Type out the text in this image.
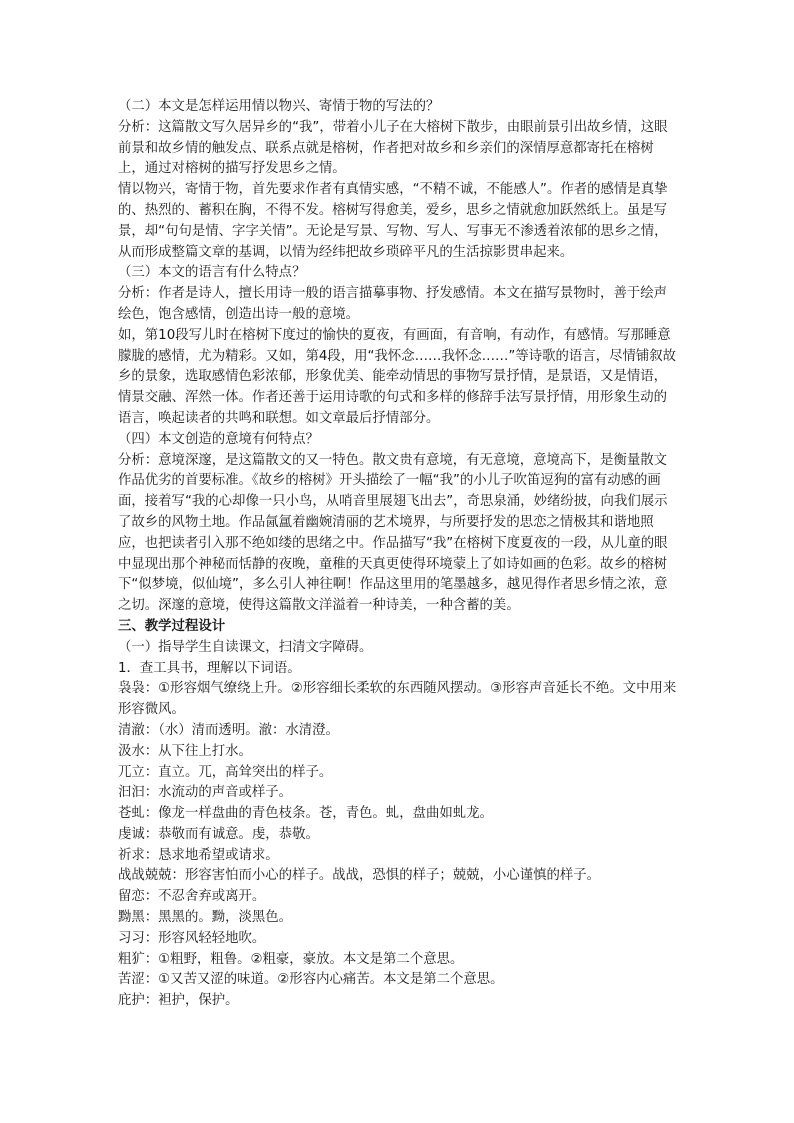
（二）本文是怎样运用情以物兴、寄情于物的写法的？

分析：这篇散文写久居异乡的“我”，带着小儿子在大榕树下散步，由眼前景引出故乡情，这眼前景和故乡情的触发点、联系点就是榕树，作者把对故乡和乡亲们的深情厚意都寄托在榕树上，通过对榕树的描写抒发思乡之情。

情以物兴，寄情于物，首先要求作者有真情实感，“不精不诚，不能感人”。作者的感情是真挚的、热烈的、蓄积在胸，不得不发。榕树写得愈美，爱乡，思乡之情就愈加跃然纸上。虽是写景，却“句句是情、字字关情”。无论是写景、写物、写人、写事无不渗透着浓郁的思乡之情，从而形成整篇文章的基调，以情为经纬把故乡琐碎平凡的生活掠影贯串起来。

（三）本文的语言有什么特点？

分析：作者是诗人，擅长用诗一般的语言描摹事物、抒发感情。本文在描写景物时，善于绘声绘色，饱含感情，创造出诗一般的意境。

如，第10段写儿时在榕树下度过的愉快的夏夜，有画面，有音响，有动作，有感情。写那睡意朦胧的感情，尤为精彩。又如，第4段，用“我怀念……我怀念……”等诗歌的语言，尽情铺叙故乡的景象，选取感情色彩浓郁，形象优美、能牵动情思的事物写景抒情，是景语，又是情语，情景交融、浑然一体。作者还善于运用诗歌的句式和多样的修辞手法写景抒情，用形象生动的语言，唤起读者的共鸣和联想。如文章最后抒情部分。

（四）本文创造的意境有何特点？

分析：意境深邃，是这篇散文的又一特色。散文贵有意境，有无意境，意境高下，是衡量散文作品优劣的首要标准。《故乡的榕树》开头描绘了一幅“我”的小儿子吹笛逗狗的富有动感的画面，接着写“我的心却像一只小鸟，从哨音里展翅飞出去”，奇思泉涌，妙绪纷披，向我们展示了故乡的风物土地。作品氤氲着幽婉清丽的艺术境界，与所要抒发的思恋之情极其和谐地照应，也把读者引入那不绝如缕的思绪之中。作品描写“我”在榕树下度夏夜的一段，从儿童的眼中显现出那个神秘而恬静的夜晚，童稚的天真更使得环境蒙上了如诗如画的色彩。故乡的榕树下“似梦境，似仙境”，多么引人神往啊！作品这里用的笔墨越多，越见得作者思乡情之浓，意之切。深邃的意境，使得这篇散文洋溢着一种诗美，一种含蓄的美。

三、教学过程设计

（一）指导学生自读课文，扫清文字障碍。

1．查工具书，理解以下词语。

袅袅：①形容烟气缭绕上升。②形容细长柔软的东西随风摆动。③形容声音延长不绝。文中用来形容微风。

清澈：（水）清而透明。澈：水清澄。

汲水：从下往上打水。

兀立：直立。兀，高耸突出的样子。

汩汩：水流动的声音或样子。

苍虬：像龙一样盘曲的青色枝条。苍，青色。虬，盘曲如虬龙。

虔诚：恭敬而有诚意。虔，恭敬。

祈求：恳求地希望或请求。

战战兢兢：形容害怕而小心的样子。战战，恐惧的样子；兢兢，小心谨慎的样子。

留恋：不忍舍弃或离开。

黝黑：黑黑的。黝，淡黑色。

习习：形容风轻轻地吹。

粗犷：①粗野，粗鲁。②粗豪，豪放。本文是第二个意思。

苦涩：①又苦又涩的味道。②形容内心痛苦。本文是第二个意思。

庇护：袒护，保护。
